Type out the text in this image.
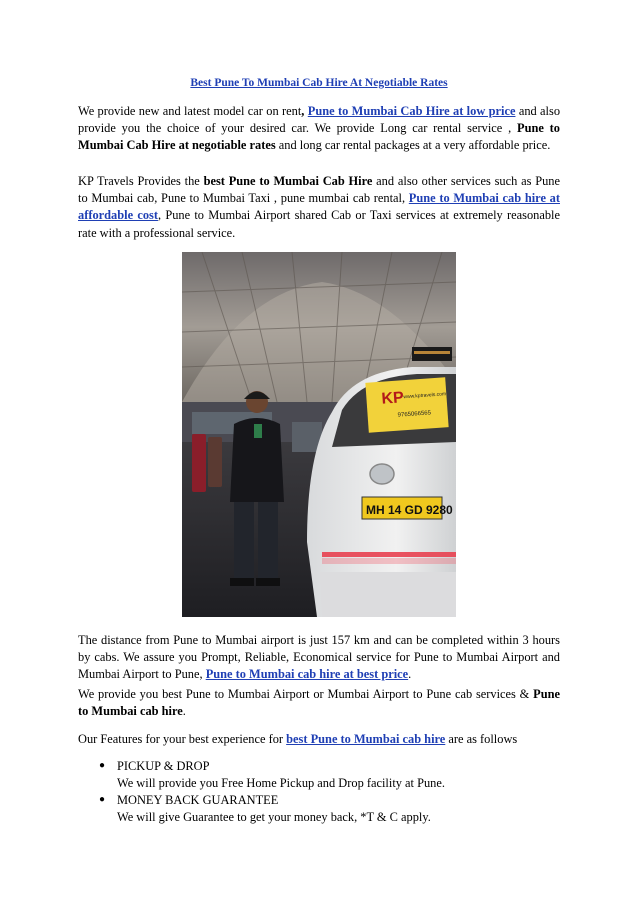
Best Pune To Mumbai Cab Hire At Negotiable Rates

We provide new and latest model car on rent, Pune to Mumbai Cab Hire at low price and also provide you the choice of your desired car. We provide Long car rental service , Pune to Mumbai Cab Hire at negotiable rates and long car rental packages at a very affordable price.

KP Travels Provides the best Pune to Mumbai Cab Hire and also other services such as Pune to Mumbai cab, Pune to Mumbai Taxi , pune mumbai cab rental, Pune to Mumbai cab hire at affordable cost, Pune to Mumbai Airport shared Cab or Taxi services at extremely reasonable rate with a professional service.

KP
www.kptravels.com
9765066565
MH 14 GD 9280

The distance from Pune to Mumbai airport is just 157 km and can be completed within 3 hours by cabs. We assure you Prompt, Reliable, Economical service for Pune to Mumbai Airport and Mumbai Airport to Pune, Pune to Mumbai cab hire at best price.

We provide you best Pune to Mumbai Airport or Mumbai Airport to Pune cab services & Pune to Mumbai cab hire.

Our Features for your best experience for best Pune to Mumbai cab hire are as follows

● PICKUP & DROP
We will provide you Free Home Pickup and Drop facility at Pune.
● MONEY BACK GUARANTEE
We will give Guarantee to get your money back, *T & C apply.
